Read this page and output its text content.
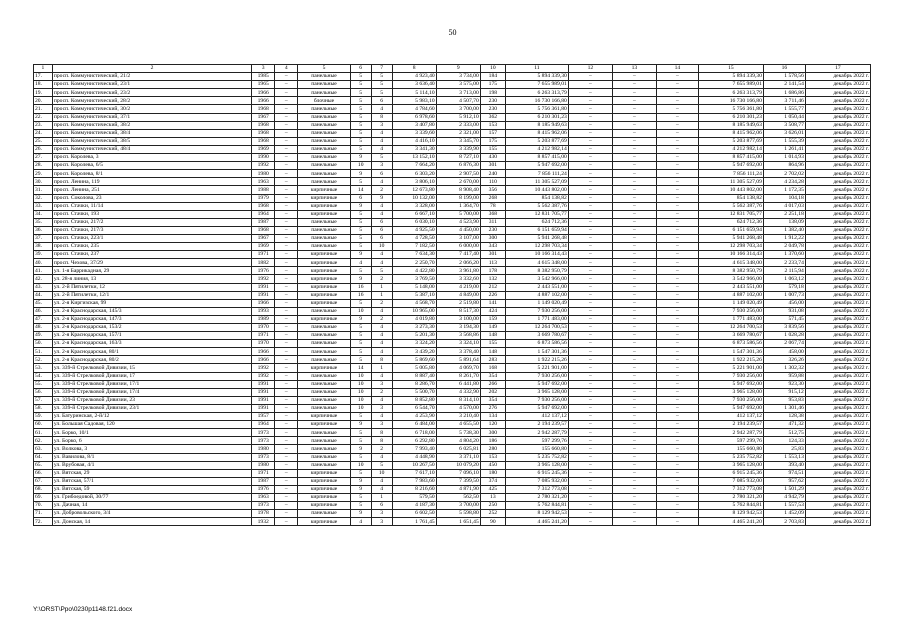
50
1	2	3	4	5	6	7	8	9	10	11	12	13	14	15	16	17
17.	просп. Коммунистический, 21/2	1985	–	панельные	5	5	4 923,40	3 734,00	184	5 894 339,30	–	–	–	5 894 339,30	1 578,56	декабрь 2022 г.
18.	просп. Коммунистический, 23/1	1965	–	панельные	5	5	3 636,40	3 575,00	175	7 655 989,01	–	–	–	7 655 989,01	2 141,54	декабрь 2022 г.
19.	просп. Коммунистический, 23/2	1966	–	панельные	5	5	5 114,10	3 713,00	198	6 263 313,79	–	–	–	6 263 313,79	1 686,86	декабрь 2022 г.
20.	просп. Коммунистический, 28/2	1966	–	блочные	5	6	5 983,10	4 507,70	230	16 730 166,80	–	–	–	16 730 166,80	3 711,46	декабрь 2022 г.
21.	просп. Коммунистический, 30/2	1968	–	панельные	5	4	4 784,60	3 700,00	230	5 756 361,80	–	–	–	5 756 361,80	1 555,77	декабрь 2022 г.
22.	просп. Коммунистический, 37/1	1967	–	панельные	5	8	6 978,60	5 912,10	362	6 210 301,23	–	–	–	6 210 301,23	1 050,44	декабрь 2022 г.
23.	просп. Коммунистический, 38/2	1968	–	панельные	5	3	3 407,80	2 333,00	153	8 185 949,63	–	–	–	8 185 949,63	3 508,77	декабрь 2022 г.
24.	просп. Коммунистический, 38/4	1968	–	панельные	5	4	3 339,60	2 321,00	157	8 415 962,06	–	–	–	8 415 962,06	3 626,01	декабрь 2022 г.
25.	просп. Коммунистический, 38/5	1968	–	панельные	5	4	4 416,10	3 345,70	175	5 203 877,69	–	–	–	5 203 877,69	1 555,39	декабрь 2022 г.
26.	просп. Коммунистический, 48/4	1969	–	панельные	5	4	3 341,30	3 339,90	155	4 212 982,14	–	–	–	4 212 982,14	1 261,41	декабрь 2022 г.
27.	просп. Королева, 3	1990	–	панельные	9	5	13 152,10	8 727,10	430	8 857 415,00	–	–	–	8 857 415,00	1 014,93	декабрь 2022 г.
28.	просп. Королева, 6/5	1992	–	панельные	10	3	7 664,20	6 876,30	301	5 947 692,00	–	–	–	5 947 692,00	864,96	декабрь 2022 г.
29.	просп. Королева, 8/1	1980	–	панельные	9	6	6 303,20	2 907,50	240	7 856 111,24	–	–	–	7 856 111,24	2 702,02	декабрь 2022 г.
30.	просп. Ленина, 119	1963	–	панельные	5	4	3 806,10	2 670,00	110	11 305 527,09	–	–	–	11 305 527,09	4 234,28	декабрь 2022 г.
31.	просп. Ленина, 251	1988	–	кирпичные	14	2	12 673,80	8 908,40	356	10 443 802,00	–	–	–	10 443 802,00	1 172,35	декабрь 2022 г.
32.	просп. Соколова, 23	1979	–	кирпичные	6	9	10 132,00	8 199,00	268	854 138,82	–	–	–	854 138,82	104,18	декабрь 2022 г.
33.	просп. Стачки, 11/14	1968	–	кирпичные	9	4	3 328,00	1 364,70	78	5 562 387,76	–	–	–	5 562 387,76	4 017,03	декабрь 2022 г.
34.	просп. Стачки, 193	1964	–	кирпичные	5	4	6 667,10	5 700,00	368	12 831 705,77	–	–	–	12 831 705,77	2 251,18	декабрь 2022 г.
35.	просп. Стачки, 217/2	1987	–	панельные	5	6	6 030,10	4 523,90	311	624 712,36	–	–	–	624 712,36	138,09	декабрь 2022 г.
36.	просп. Стачки, 217/3	1968	–	панельные	5	6	4 925,50	4 450,00	230	6 151 659,94	–	–	–	6 151 659,94	1 382,40	декабрь 2022 г.
37.	просп. Стачки, 223/1	1967	–	панельные	5	6	4 728,50	3 107,00	300	5 941 268,48	–	–	–	5 941 268,48	1 912,22	декабрь 2022 г.
38.	просп. Стачки, 235	1969	–	панельные	5	10	7 182,50	6 000,00	343	12 298 703,34	–	–	–	12 298 703,34	2 049,78	декабрь 2022 г.
39.	просп. Стачки, 237	1971	–	кирпичные	9	4	7 634,30	7 417,40	301	10 166 314,43	–	–	–	10 166 314,43	1 370,60	декабрь 2022 г.
40.	просп. Чехова, 37/29	1882	–	кирпичные	4	4	2 250,70	2 066,20	113	4 615 348,00	–	–	–	4 615 348,00	2 233,74	декабрь 2022 г.
41.	ул. 1-я Баррикадная, 29	1976	–	кирпичные	5	5	4 422,80	3 961,80	178	8 382 950,79	–	–	–	8 382 950,79	2 115,94	декабрь 2022 г.
42.	ул. 28-я линия, 13	1992	–	кирпичные	9	2	3 769,50	3 332,60	132	3 542 966,00	–	–	–	3 542 966,00	1 063,12	декабрь 2022 г.
43.	ул. 2-й Пятилетки, 12	1991	–	кирпичные	16	1	5 148,00	4 219,00	212	2 443 551,00	–	–	–	2 443 551,00	579,18	декабрь 2022 г.
44.	ул. 2-й Пятилетки, 12/1	1991	–	кирпичные	16	1	5 387,10	4 849,00	226	4 887 102,00	–	–	–	4 887 102,00	1 007,73	декабрь 2022 г.
45.	ул. 2-я Киргизская, 99	1966	–	кирпичные	5	2	4 568,70	2 519,80	141	1 149 020,49	–	–	–	1 149 020,49	456,00	декабрь 2022 г.
46.	ул. 2-я Краснодарская, 145/3	1993	–	панельные	10	4	10 965,00	8 517,30	424	7 930 256,00	–	–	–	7 930 256,00	931,08	декабрь 2022 г.
47.	ул. 2-я Краснодарская, 147/3	1989	–	кирпичные	9	2	4 019,80	3 100,00	159	1 771 483,00	–	–	–	1 771 483,00	571,45	декабрь 2022 г.
48.	ул. 2-я Краснодарская, 153/2	1970	–	панельные	5	4	3 273,30	3 194,30	149	12 264 700,53	–	–	–	12 264 700,53	3 839,56	декабрь 2022 г.
49.	ул. 2-я Краснодарская, 157/1	1971	–	панельные	5	4	5 201,30	3 568,86	148	3 669 780,67	–	–	–	3 669 780,67	1 028,28	декабрь 2022 г.
50.	ул. 2-я Краснодарская, 163/3	1970	–	панельные	5	4	3 324,20	3 324,10	155	6 873 586,56	–	–	–	6 873 586,56	2 067,74	декабрь 2022 г.
51.	ул. 2-я Краснодарская, 80/1	1966	–	панельные	5	4	3 439,20	3 378,40	148	1 547 301,36	–	–	–	1 547 301,36	458,00	декабрь 2022 г.
52.	ул. 2-я Краснодарская, 80/2	1966	–	панельные	5	8	5 869,60	5 891,64	283	1 922 215,26	–	–	–	1 922 215,26	326,26	декабрь 2022 г.
53.	ул. 339-й Стрелковой Дивизии, 15	1992	–	кирпичные	14	1	5 005,80	4 069,70	168	5 221 901,00	–	–	–	5 221 901,00	1 302,32	декабрь 2022 г.
54.	ул. 339-й Стрелковой Дивизии, 17	1992	–	панельные	10	4	8 887,40	8 261,70	354	7 930 256,00	–	–	–	7 930 256,00	959,88	декабрь 2022 г.
55.	ул. 339-й Стрелковой Дивизии, 17/1	1991	–	панельные	10	3	8 286,70	6 441,80	266	5 947 692,00	–	–	–	5 947 692,00	923,30	декабрь 2022 г.
56.	ул. 339-й Стрелковой Дивизии, 17/4	1991	–	панельные	10	2	5 500,70	4 332,90	202	3 965 128,00	–	–	–	3 965 128,00	915,12	декабрь 2022 г.
57.	ул. 339-й Стрелковой Дивизии, 23	1991	–	панельные	10	4	8 852,80	8 314,10	354	7 930 256,00	–	–	–	7 930 256,00	953,83	декабрь 2022 г.
58.	ул. 339-й Стрелковой Дивизии, 23/1	1991	–	панельные	10	3	6 544,70	4 570,00	276	5 947 692,00	–	–	–	5 947 692,00	1 301,46	декабрь 2022 г.
59.	ул. Батуринская, 2-й/12	1957	–	кирпичные	5	4	4 253,90	3 210,40	134	412 137,12	–	–	–	412 137,12	128,38	декабрь 2022 г.
60.	ул. Большая Садовая, 120	1964	–	кирпичные	9	3	6 484,00	4 655,50	120	2 194 239,57	–	–	–	2 194 239,57	471,32	декабрь 2022 г.
61.	ул. Борко, 10/1	1973	–	панельные	5	8	6 718,00	5 738,30	300	2 942 287,79	–	–	–	2 942 287,79	512,75	декабрь 2022 г.
62.	ул. Борко, 6	1973	–	панельные	5	8	6 292,80	4 804,20	186	597 299,76	–	–	–	597 299,76	124,33	декабрь 2022 г.
63.	ул. Волкова, 3	1980	–	панельные	9	2	7 993,40	6 025,81	280	155 660,80	–	–	–	155 660,80	25,83	декабрь 2022 г.
64.	ул. Вавилова, 8/1	1973	–	панельные	5	4	4 448,90	3 371,10	153	5 235 752,82	–	–	–	5 235 752,82	1 553,13	декабрь 2022 г.
65.	ул. Врубовая, 4/1	1980	–	панельные	10	5	10 267,50	10 079,20	450	3 965 128,00	–	–	–	3 965 128,00	393,40	декабрь 2022 г.
66.	ул. Вятская, 29	1971	–	кирпичные	5	10	7 617,10	7 096,10	180	6 915 245,36	–	–	–	6 915 245,36	974,51	декабрь 2022 г.
67.	ул. Вятская, 57/1	1987	–	кирпичные	9	4	7 983,60	7 399,50	374	7 085 932,00	–	–	–	7 085 932,00	957,62	декабрь 2022 г.
68.	ул. Вятская, 59	1976	–	кирпичные	9	4	8 216,60	4 871,90	425	7 312 773,08	–	–	–	7 312 773,08	1 501,29	декабрь 2022 г.
69.	ул. Грибоедовой, 30/77	1963	–	кирпичные	5	1	579,50	562,50	13	2 780 321,20	–	–	–	2 780 321,20	4 942,79	декабрь 2022 г.
70.	ул. Дачная, 14	1973	–	кирпичные	5	6	4 187,30	3 700,00	250	5 762 844,81	–	–	–	5 762 844,81	1 557,53	декабрь 2022 г.
71.	ул. Добровольского, 3/4	1978	–	панельные	9	3	6 602,50	5 598,80	252	8 129 942,53	–	–	–	8 129 942,53	1 452,09	декабрь 2022 г.
72.	ул. Донская, 14	1932	–	кирпичные	4	3	1 761,45	1 651,45	90	4 465 241,20	–	–	–	4 465 241,20	2 703,83	декабрь 2022 г.
Y:\ORST\Ppo\0230p1148.f21.docx
